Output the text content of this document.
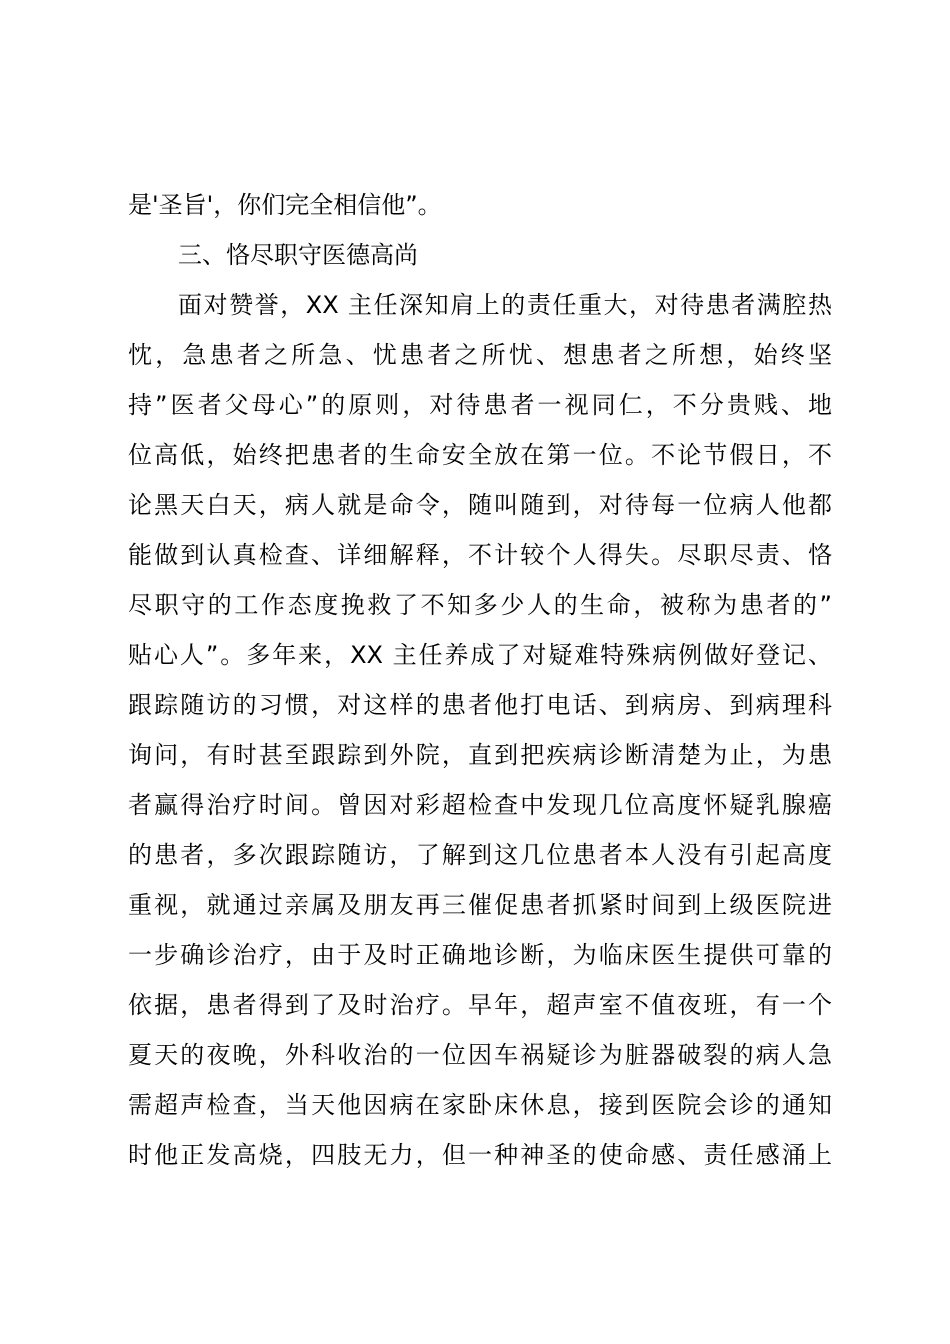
是'圣旨'，你们完全相信他”。
三、恪尽职守医德高尚
面对赞誉，XX 主任深知肩上的责任重大，对待患者满腔热
忱，急患者之所急、忧患者之所忧、想患者之所想，始终坚
持”医者父母心”的原则，对待患者一视同仁，不分贵贱、地
位高低，始终把患者的生命安全放在第一位。不论节假日，不
论黑天白天，病人就是命令，随叫随到，对待每一位病人他都
能做到认真检查、详细解释，不计较个人得失。尽职尽责、恪
尽职守的工作态度挽救了不知多少人的生命，被称为患者的”
贴心人”。多年来，XX 主任养成了对疑难特殊病例做好登记、
跟踪随访的习惯，对这样的患者他打电话、到病房、到病理科
询问，有时甚至跟踪到外院，直到把疾病诊断清楚为止，为患
者赢得治疗时间。曾因对彩超检查中发现几位高度怀疑乳腺癌
的患者，多次跟踪随访，了解到这几位患者本人没有引起高度
重视，就通过亲属及朋友再三催促患者抓紧时间到上级医院进
一步确诊治疗，由于及时正确地诊断，为临床医生提供可靠的
依据，患者得到了及时治疗。早年，超声室不值夜班，有一个
夏天的夜晚，外科收治的一位因车祸疑诊为脏器破裂的病人急
需超声检查，当天他因病在家卧床休息，接到医院会诊的通知
时他正发高烧，四肢无力，但一种神圣的使命感、责任感涌上
